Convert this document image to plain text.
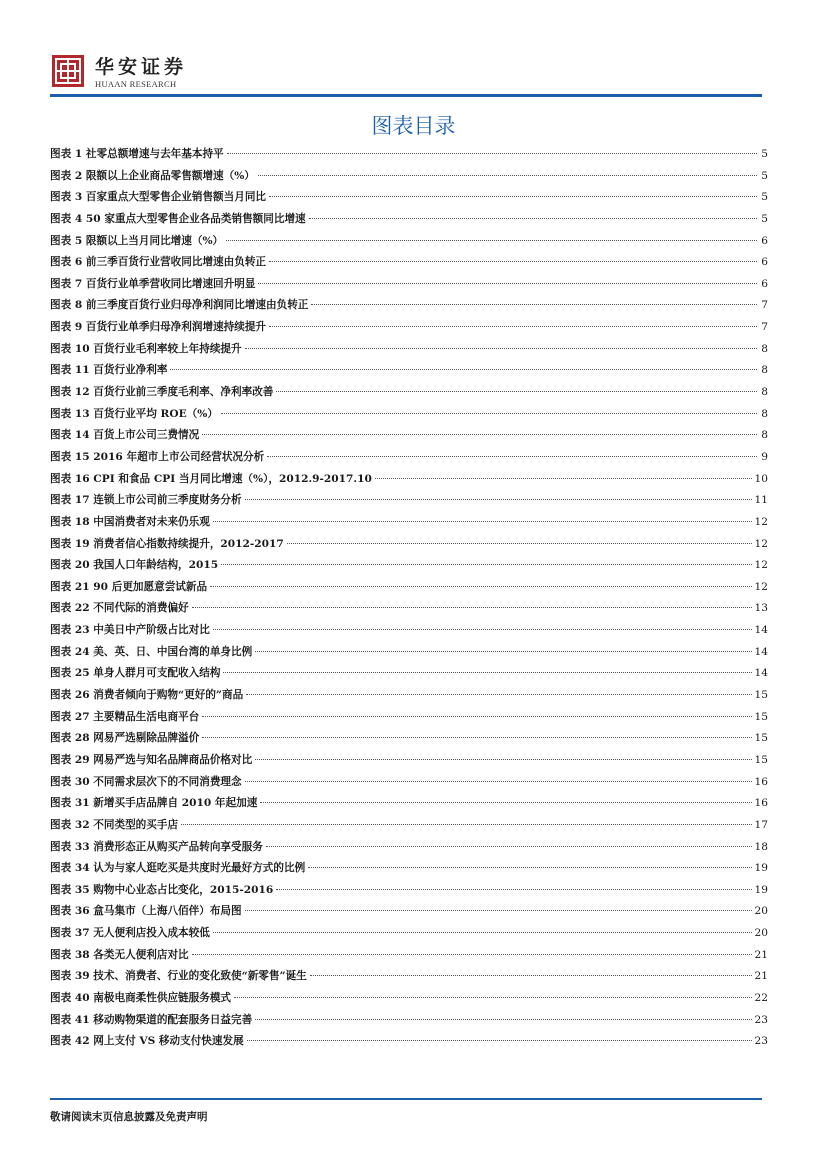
华安证券
HUAAN RESEARCH
图表目录
图表 1 社零总额增速与去年基本持平	5
图表 2 限额以上企业商品零售额增速（%）	5
图表 3 百家重点大型零售企业销售额当月同比	5
图表 4 50 家重点大型零售企业各品类销售额同比增速	5
图表 5 限额以上当月同比增速（%）	6
图表 6 前三季百货行业营收同比增速由负转正	6
图表 7 百货行业单季营收同比增速回升明显	6
图表 8 前三季度百货行业归母净利润同比增速由负转正	7
图表 9 百货行业单季归母净利润增速持续提升	7
图表 10 百货行业毛利率较上年持续提升	8
图表 11 百货行业净利率	8
图表 12 百货行业前三季度毛利率、净利率改善	8
图表 13 百货行业平均 ROE（%）	8
图表 14 百货上市公司三费情况	8
图表 15 2016 年超市上市公司经营状况分析	9
图表 16 CPI 和食品 CPI 当月同比增速（%），2012.9-2017.10	10
图表 17 连锁上市公司前三季度财务分析	11
图表 18 中国消费者对未来仍乐观	12
图表 19 消费者信心指数持续提升，2012-2017	12
图表 20 我国人口年龄结构，2015	12
图表 21 90 后更加愿意尝试新品	12
图表 22 不同代际的消费偏好	13
图表 23 中美日中产阶级占比对比	14
图表 24 美、英、日、中国台湾的单身比例	14
图表 25 单身人群月可支配收入结构	14
图表 26 消费者倾向于购物“更好的”商品	15
图表 27 主要精品生活电商平台	15
图表 28 网易严选剔除品牌溢价	15
图表 29 网易严选与知名品牌商品价格对比	15
图表 30 不同需求层次下的不同消费理念	16
图表 31 新增买手店品牌自 2010 年起加速	16
图表 32 不同类型的买手店	17
图表 33 消费形态正从购买产品转向享受服务	18
图表 34 认为与家人逛吃买是共度时光最好方式的比例	19
图表 35 购物中心业态占比变化，2015-2016	19
图表 36 盒马集市（上海八佰伴）布局图	20
图表 37 无人便利店投入成本较低	20
图表 38 各类无人便利店对比	21
图表 39 技术、消费者、行业的变化致使“新零售”诞生	21
图表 40 南极电商柔性供应链服务模式	22
图表 41 移动购物渠道的配套服务日益完善	23
图表 42 网上支付 VS 移动支付快速发展	23
敬请阅读末页信息披露及免责声明
